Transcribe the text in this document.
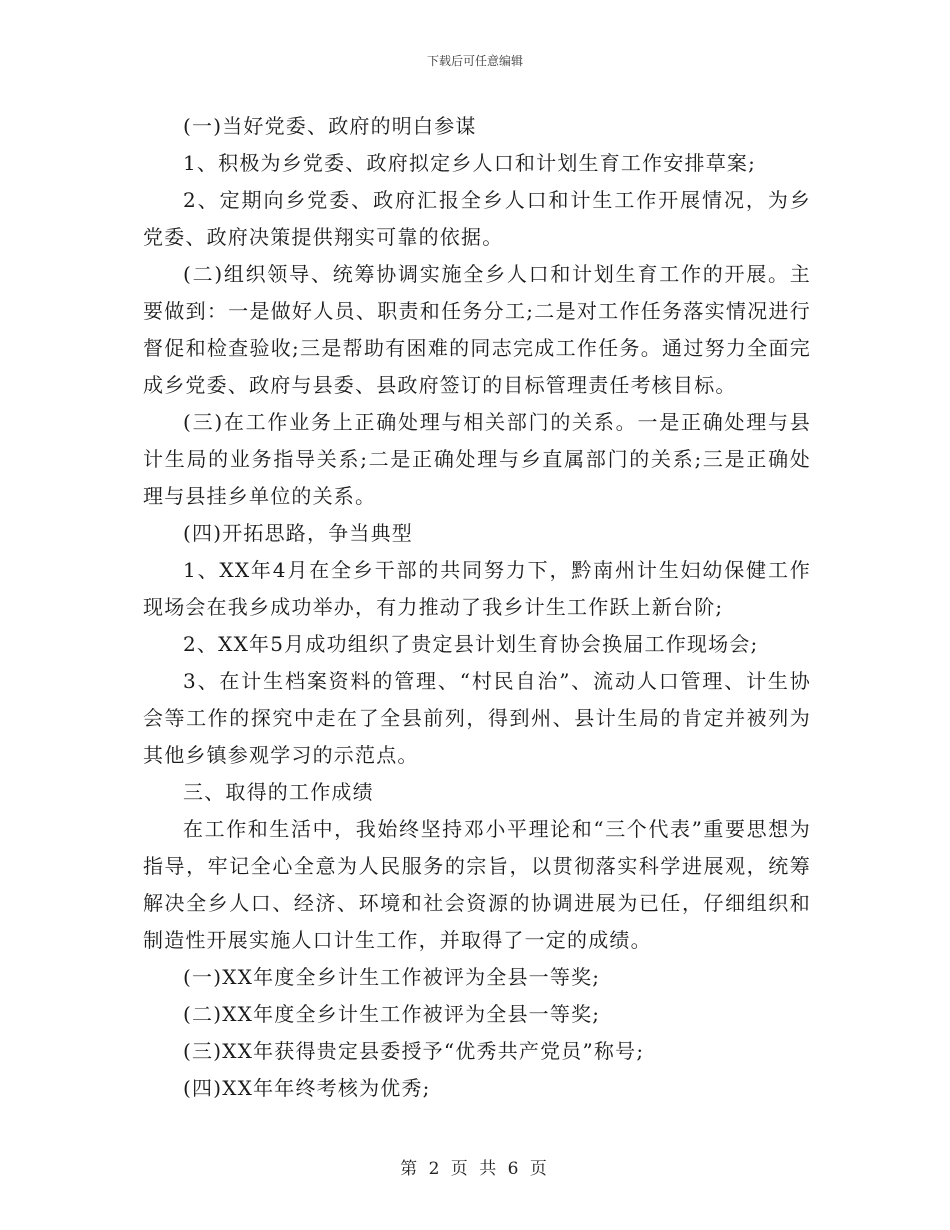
下载后可任意编辑

(一)当好党委、政府的明白参谋

1、积极为乡党委、政府拟定乡人口和计划生育工作安排草案;

2、定期向乡党委、政府汇报全乡人口和计生工作开展情况，为乡党委、政府决策提供翔实可靠的依据。

(二)组织领导、统筹协调实施全乡人口和计划生育工作的开展。主要做到：一是做好人员、职责和任务分工;二是对工作任务落实情况进行督促和检查验收;三是帮助有困难的同志完成工作任务。通过努力全面完成乡党委、政府与县委、县政府签订的目标管理责任考核目标。

(三)在工作业务上正确处理与相关部门的关系。一是正确处理与县计生局的业务指导关系;二是正确处理与乡直属部门的关系;三是正确处理与县挂乡单位的关系。

(四)开拓思路，争当典型

1、XX年4月在全乡干部的共同努力下，黔南州计生妇幼保健工作现场会在我乡成功举办，有力推动了我乡计生工作跃上新台阶;

2、XX年5月成功组织了贵定县计划生育协会换届工作现场会;

3、在计生档案资料的管理、“村民自治”、流动人口管理、计生协会等工作的探究中走在了全县前列，得到州、县计生局的肯定并被列为其他乡镇参观学习的示范点。

三、取得的工作成绩

在工作和生活中，我始终坚持邓小平理论和“三个代表”重要思想为指导，牢记全心全意为人民服务的宗旨，以贯彻落实科学进展观，统筹解决全乡人口、经济、环境和社会资源的协调进展为已任，仔细组织和制造性开展实施人口计生工作，并取得了一定的成绩。

(一)XX年度全乡计生工作被评为全县一等奖;

(二)XX年度全乡计生工作被评为全县一等奖;

(三)XX年获得贵定县委授予“优秀共产党员”称号;

(四)XX年年终考核为优秀;

第 2 页 共 6 页
